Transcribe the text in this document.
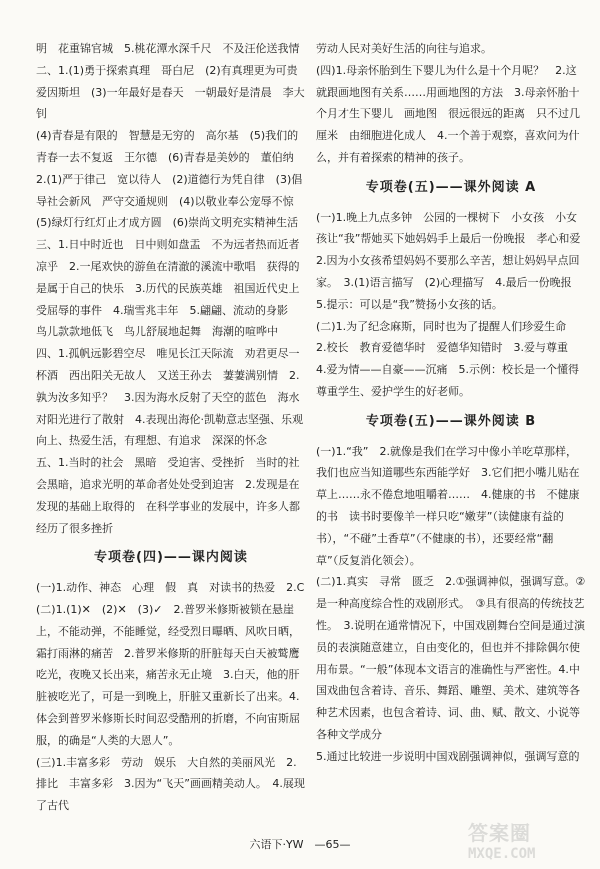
明　花重锦官城　5.桃花潭水深千尺　不及汪伦送我情

二、1.(1)勇于探索真理　哥白尼　(2)有真理更为可贵　爱因斯坦　(3)一年最好是春天　一朝最好是清晨　李大钊

(4)青春是有限的　智慧是无穷的　高尔基　(5)我们的青春一去不复返　王尔德　(6)青春是美妙的　董伯纳

2.(1)严于律己　宽以待人　(2)道德行为凭自律　(3)倡导社会新风　严守交通规则　(4)以敬业奉公宠辱不惊　(5)绿灯行红灯止才成方圆　(6)崇尚文明充实精神生活

三、1.日中时近也　日中则如盘盂　不为远者热而近者凉乎　2.一尾欢快的游鱼在清澈的溪流中歌唱　获得的是属于自己的快乐　3.历代的民族英雄　祖国近代史上受屈辱的事件　4.瑞雪兆丰年　5.翩翩、流动的身影　鸟儿款款地低飞　鸟儿舒展地起舞　海潮的喧哗中

四、1.孤帆远影碧空尽　唯见长江天际流　劝君更尽一杯酒　西出阳关无故人　又送王孙去　萋萋满别情　2.孰为汝多知乎？　3.因为海水反射了天空的蓝色　海水对阳光进行了散射　4.表现出海伦·凯勒意志坚强、乐观向上、热爱生活，有理想、有追求　深深的怀念

五、1.当时的社会　黑暗　受迫害、受挫折　当时的社会黑暗，追求光明的革命者处处受到迫害　2.发现是在发现的基础上取得的　在科学事业的发展中，许多人都经历了很多挫折

专项卷(四)——课内阅读

(一)1.动作、神态　心理　假　真　对读书的热爱　2.C

(二)1.(1)✕　(2)✕　(3)✓　2.普罗米修斯被锁在悬崖上，不能动弹，不能睡觉，经受烈日曝晒、风吹日晒，霜打雨淋的痛苦　2.普罗米修斯的肝脏每天白天被鹫鹰吃光，夜晚又长出来，痛苦永无止境　3.白天，他的肝脏被吃光了，可是一到晚上，肝脏又重新长了出来。4.体会到普罗米修斯长时间忍受酷刑的折磨，不向宙斯屈服，的确是“人类的大恩人”。

(三)1.丰富多彩　劳动　娱乐　大自然的美丽风光　2.排比　丰富多彩　3.因为“飞天”画画精美动人。　4.展现了古代

劳动人民对美好生活的向往与追求。

(四)1.母亲怀胎到生下婴儿为什么是十个月呢？　2.这就跟画地图有关系……用画地图的方法　3.母亲怀胎十个月才生下婴儿　画地图　很远很远的距离　只不过几厘米　由细胞进化成人　4.一个善于观察，喜欢问为什么，并有着探索的精神的孩子。

专项卷(五)——课外阅读 A

(一)1.晚上九点多钟　公园的一棵树下　小女孩　小女孩让“我”帮她买下她妈妈手上最后一份晚报　孝心和爱

2.因为小女孩希望妈妈不要那么辛苦，想让妈妈早点回家。　3.(1)语言描写　(2)心理描写　4.最后一份晚报

5.提示：可以是“我”赞扬小女孩的话。

(二)1.为了纪念麻斯，同时也为了提醒人们珍爱生命　2.校长　教育爱德华时　爱德华知错时　3.爱与尊重　4.爱为情——自豪——沉痛　5.示例：校长是一个懂得尊重学生、爱护学生的好老师。

专项卷(五)——课外阅读 B

(一)1.“我”　2.就像是我们在学习中像小羊吃草那样，我们也应当知道哪些东西能学好　3.它们把小嘴儿贴在草上……永不倦怠地咀嚼着……　4.健康的书　不健康的书　读书时要像羊一样只吃“嫩芽”（读健康有益的书），“不碰”土香草”（不健康的书），还要经常“翻草”（反复消化领会）。

(二)1.真实　寻常　匮乏　2.①强调神似，强调写意。②是一种高度综合性的戏剧形式。　③具有很高的传统技艺性。　3.说明在通常情况下，中国戏剧舞台空间是通过演员的表演随意建立，自由变化的，但也并不排除偶尔使用布景。“一般”体现本文语言的准确性与严密性。4.中国戏曲包含着诗、音乐、舞蹈、雕塑、美术、建筑等各种艺术因素，也包含着诗、词、曲、赋、散文、小说等各种文学成分

5.通过比较进一步说明中国戏剧强调神似，强调写意的

六语下·YW　—65—	答案圈
MXQE.COM
